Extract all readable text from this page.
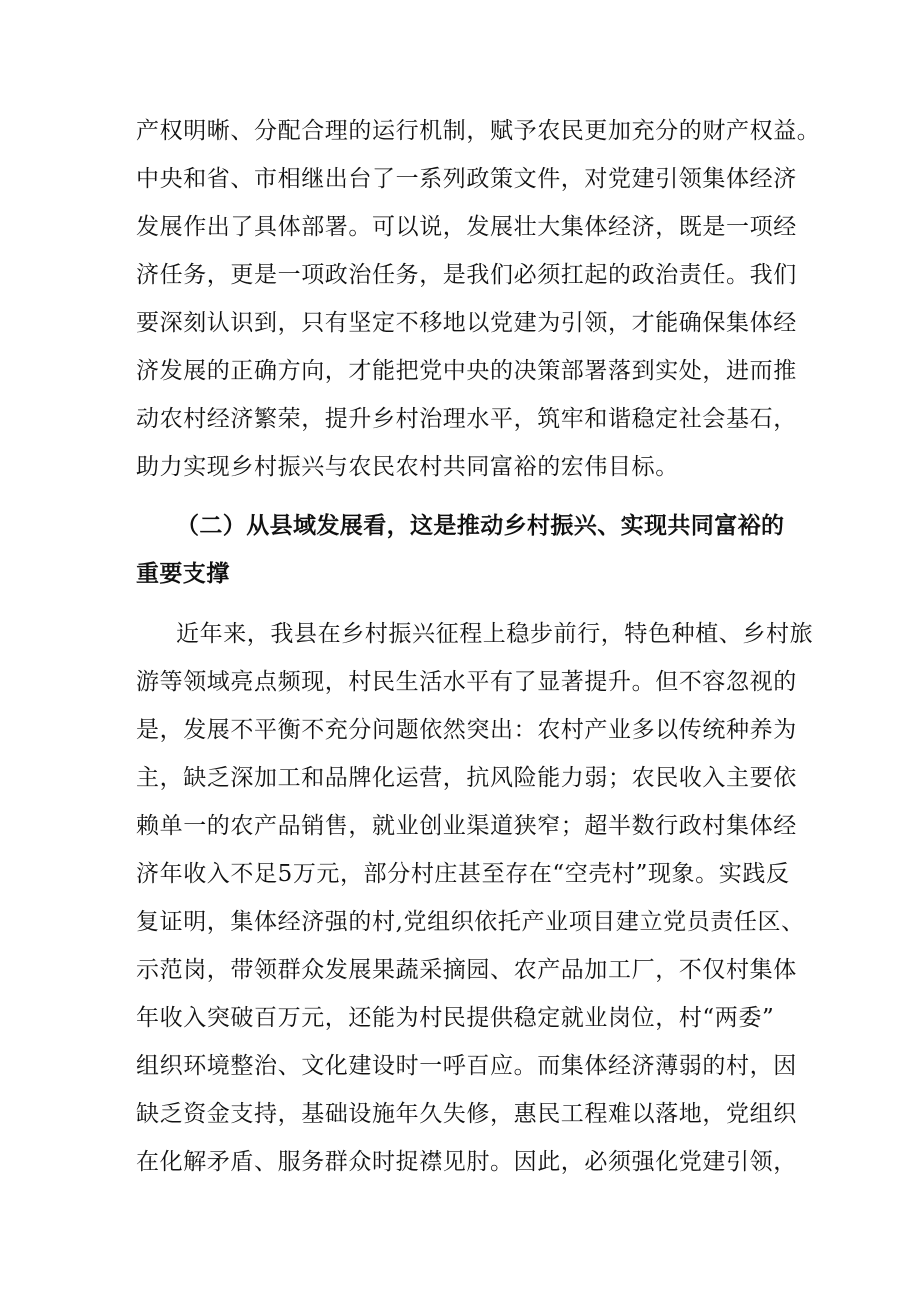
产权明晰、分配合理的运行机制，赋予农民更加充分的财产权益。
中央和省、市相继出台了一系列政策文件，对党建引领集体经济
发展作出了具体部署。可以说，发展壮大集体经济，既是一项经
济任务，更是一项政治任务，是我们必须扛起的政治责任。我们
要深刻认识到，只有坚定不移地以党建为引领，才能确保集体经
济发展的正确方向，才能把党中央的决策部署落到实处，进而推
动农村经济繁荣，提升乡村治理水平，筑牢和谐稳定社会基石，
助力实现乡村振兴与农民农村共同富裕的宏伟目标。
（二）从县域发展看，这是推动乡村振兴、实现共同富裕的
重要支撑
近年来，我县在乡村振兴征程上稳步前行，特色种植、乡村旅
游等领域亮点频现，村民生活水平有了显著提升。但不容忽视的
是，发展不平衡不充分问题依然突出：农村产业多以传统种养为
主，缺乏深加工和品牌化运营，抗风险能力弱；农民收入主要依
赖单一的农产品销售，就业创业渠道狭窄；超半数行政村集体经
济年收入不足5万元，部分村庄甚至存在“空壳村”现象。实践反
复证明，集体经济强的村,党组织依托产业项目建立党员责任区、
示范岗，带领群众发展果蔬采摘园、农产品加工厂，不仅村集体
年收入突破百万元，还能为村民提供稳定就业岗位，村“两委”
组织环境整治、文化建设时一呼百应。而集体经济薄弱的村，因
缺乏资金支持，基础设施年久失修，惠民工程难以落地，党组织
在化解矛盾、服务群众时捉襟见肘。因此，必须强化党建引领，
